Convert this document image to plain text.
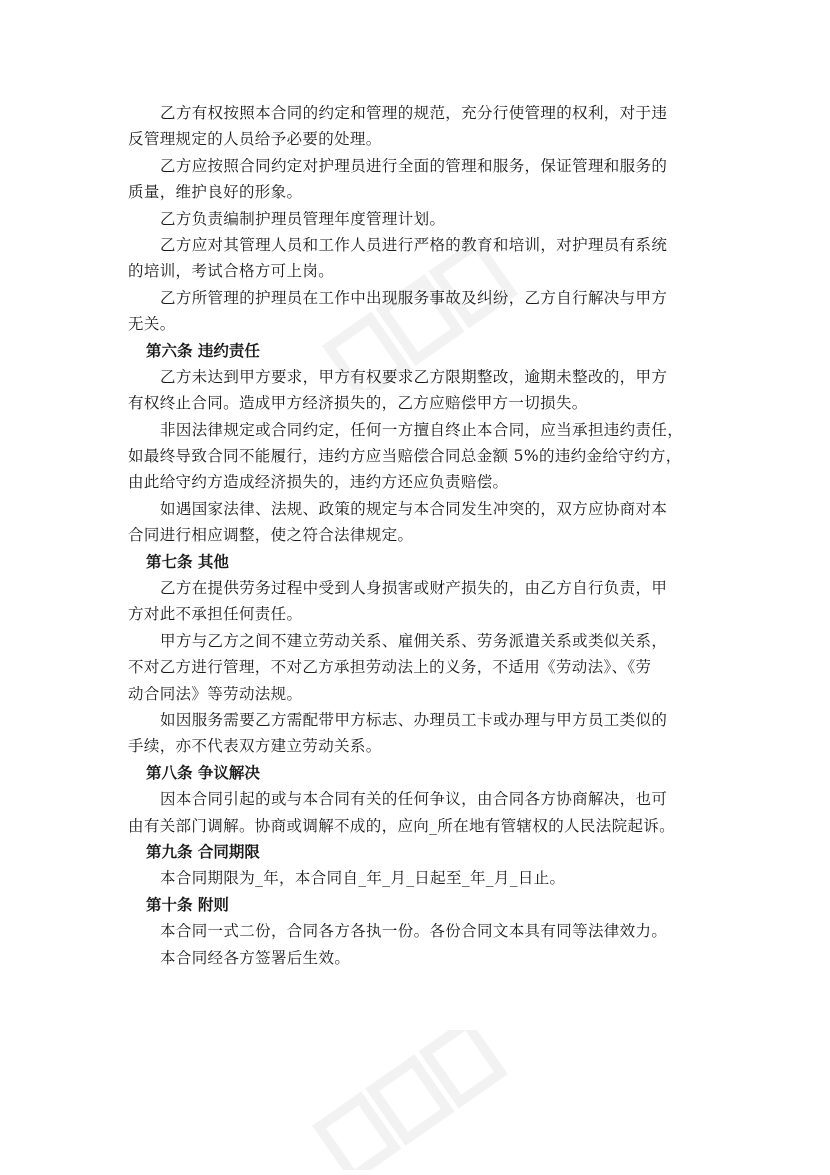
乙方有权按照本合同的约定和管理的规范，充分行使管理的权利，对于违
反管理规定的人员给予必要的处理。
乙方应按照合同约定对护理员进行全面的管理和服务，保证管理和服务的
质量，维护良好的形象。
乙方负责编制护理员管理年度管理计划。
乙方应对其管理人员和工作人员进行严格的教育和培训，对护理员有系统
的培训，考试合格方可上岗。
乙方所管理的护理员在工作中出现服务事故及纠纷，乙方自行解决与甲方
无关。
第六条 违约责任
乙方未达到甲方要求，甲方有权要求乙方限期整改，逾期未整改的，甲方
有权终止合同。造成甲方经济损失的，乙方应赔偿甲方一切损失。
非因法律规定或合同约定，任何一方擅自终止本合同，应当承担违约责任，
如最终导致合同不能履行，违约方应当赔偿合同总金额 5%的违约金给守约方，
由此给守约方造成经济损失的，违约方还应负责赔偿。
如遇国家法律、法规、政策的规定与本合同发生冲突的，双方应协商对本
合同进行相应调整，使之符合法律规定。
第七条 其他
乙方在提供劳务过程中受到人身损害或财产损失的，由乙方自行负责，甲
方对此不承担任何责任。
甲方与乙方之间不建立劳动关系、雇佣关系、劳务派遣关系或类似关系，
不对乙方进行管理，不对乙方承担劳动法上的义务，不适用《劳动法》、《劳
动合同法》等劳动法规。
如因服务需要乙方需配带甲方标志、办理员工卡或办理与甲方员工类似的
手续，亦不代表双方建立劳动关系。
第八条 争议解决
因本合同引起的或与本合同有关的任何争议，由合同各方协商解决，也可
由有关部门调解。协商或调解不成的，应向_所在地有管辖权的人民法院起诉。
第九条 合同期限
本合同期限为_年，本合同自_年_月_日起至_年_月_日止。
第十条 附则
本合同一式二份，合同各方各执一份。各份合同文本具有同等法律效力。
本合同经各方签署后生效。
